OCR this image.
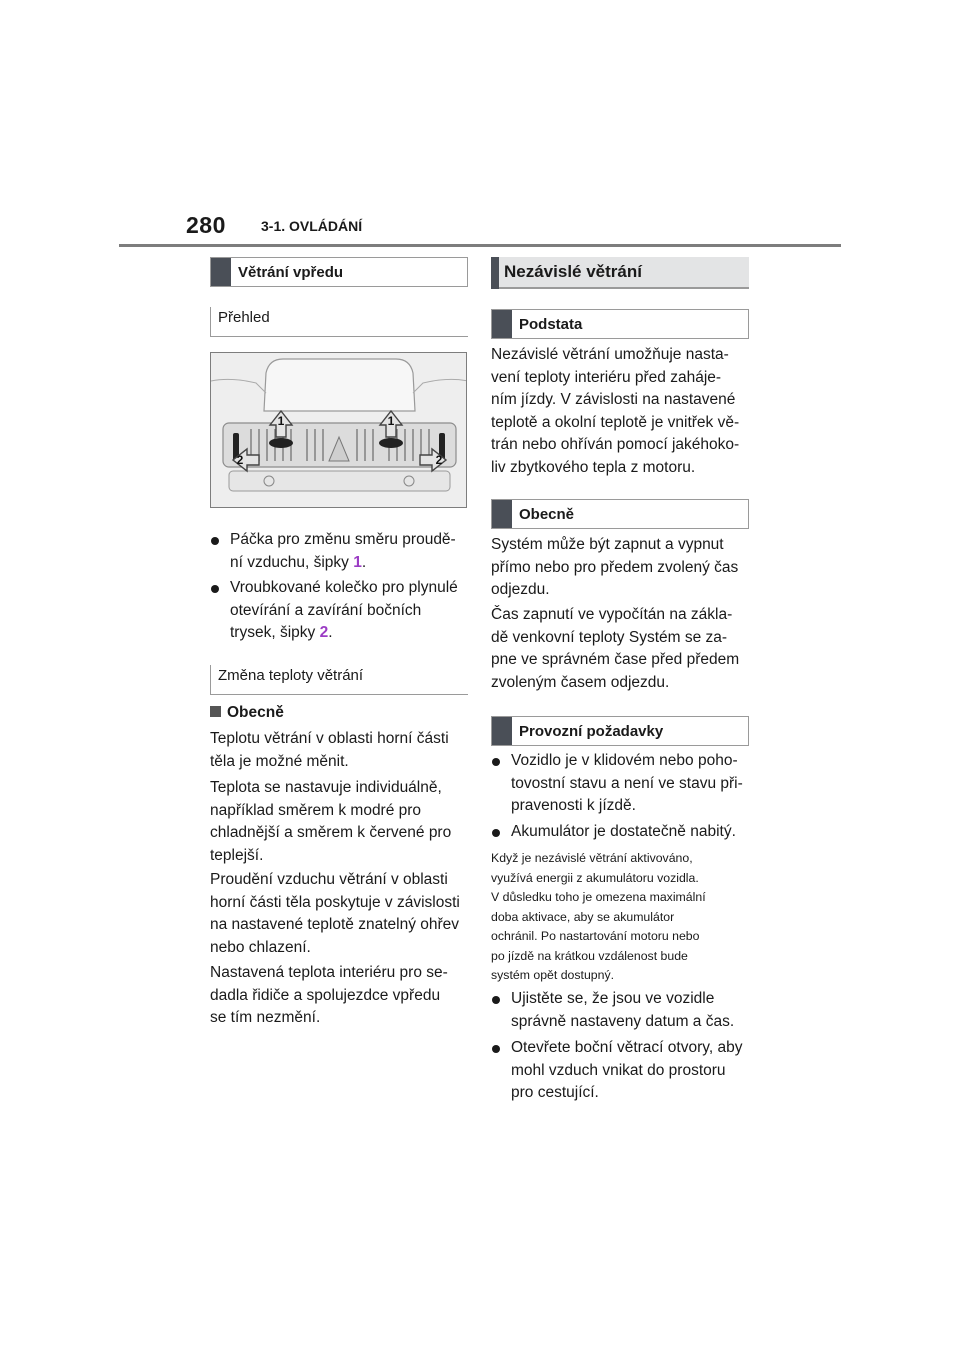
280	3-1. OVLÁDÁNÍ
Větrání vpředu
Přehled
1	1
2	2
Páčka pro změnu směru proudě-
ní vzduchu, šipky 1.
Vroubkované kolečko pro plynulé
otevírání a zavírání bočních
trysek, šipky 2.
Změna teploty větrání
Obecně
Teplotu větrání v oblasti horní části
těla je možné měnit.
Teplota se nastavuje individuálně,
například směrem k modré pro
chladnější a směrem k červené pro
teplejší.
Proudění vzduchu větrání v oblasti
horní části těla poskytuje v závislosti
na nastavené teplotě znatelný ohřev
nebo chlazení.
Nastavená teplota interiéru pro se-
dadla řidiče a spolujezdce vpředu
se tím nezmění.
Nezávislé větrání
Podstata
Nezávislé větrání umožňuje nasta-
vení teploty interiéru před zahájе-
ním jízdy. V závislosti na nastavené
teplotě a okolní teplotě je vnitřek vě-
trán nebo ohříván pomocí jakéhoko-
liv zbytkového tepla z motoru.
Obecně
Systém může být zapnut a vypnut
přímo nebo pro předem zvolený čas
odjezdu.
Čas zapnutí ve vypočítán na zákla-
dě venkovní teploty Systém se za-
pne ve správném čase před předem
zvoleným časem odjezdu.
Provozní požadavky
Vozidlo je v klidovém nebo poho-
tovostní stavu a není ve stavu při-
pravenosti k jízdě.
Akumulátor je dostatečně nabitý.
Když je nezávislé větrání aktivováno,
využívá energii z akumulátoru vozidla.
V důsledku toho je omezena maximální
doba aktivace, aby se akumulátor
ochránil. Po nastartování motoru nebo
po jízdě na krátkou vzdálenost bude
systém opět dostupný.
Ujistěte se, že jsou ve vozidle
správně nastaveny datum a čas.
Otevřete boční větrací otvory, aby
mohl vzduch vnikat do prostoru
pro cestující.
